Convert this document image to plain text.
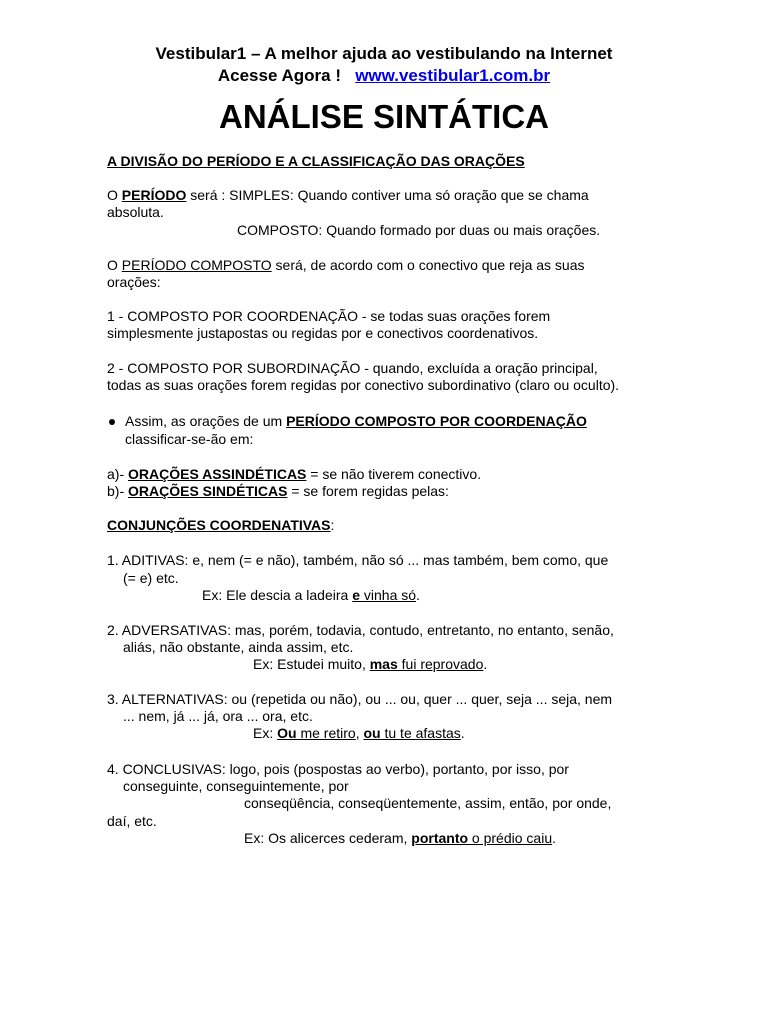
Vestibular1 – A melhor ajuda ao vestibulando na Internet
Acesse Agora ! www.vestibular1.com.br
ANÁLISE SINTÁTICA
A DIVISÃO DO PERÍODO E A CLASSIFICAÇÃO DAS ORAÇÕES
O PERÍODO será : SIMPLES: Quando contiver uma só oração que se chama
absoluta.
COMPOSTO: Quando formado por duas ou mais orações.
O PERÍODO COMPOSTO será, de acordo com o conectivo que reja as suas
orações:
1 - COMPOSTO POR COORDENAÇÃO - se todas suas orações forem
simplesmente justapostas ou regidas por e conectivos coordenativos.
2 - COMPOSTO POR SUBORDINAÇÃO - quando, excluída a oração principal,
todas as suas orações forem regidas por conectivo subordinativo (claro ou oculto).
Assim, as orações de um PERÍODO COMPOSTO POR COORDENAÇÃO
classificar-se-ão em:
a)- ORAÇÕES ASSINDÉTICAS = se não tiverem conectivo.
b)- ORAÇÕES SINDÉTICAS = se forem regidas pelas:
CONJUNÇÕES COORDENATIVAS:
1. ADITIVAS: e, nem (= e não), também, não só ... mas também, bem como, que
(= e) etc.
Ex: Ele descia a ladeira e vinha só.
2. ADVERSATIVAS: mas, porém, todavia, contudo, entretanto, no entanto, senão,
aliás, não obstante, ainda assim, etc.
Ex: Estudei muito, mas fui reprovado.
3. ALTERNATIVAS: ou (repetida ou não), ou ... ou, quer ... quer, seja ... seja, nem
... nem, já ... já, ora ... ora, etc.
Ex: Ou me retiro, ou tu te afastas.
4. CONCLUSIVAS: logo, pois (pospostas ao verbo), portanto, por isso, por
conseguinte, conseguintemente, por
conseqüência, conseqüentemente, assim, então, por onde,
daí, etc.
Ex: Os alicerces cederam, portanto o prédio caiu.
